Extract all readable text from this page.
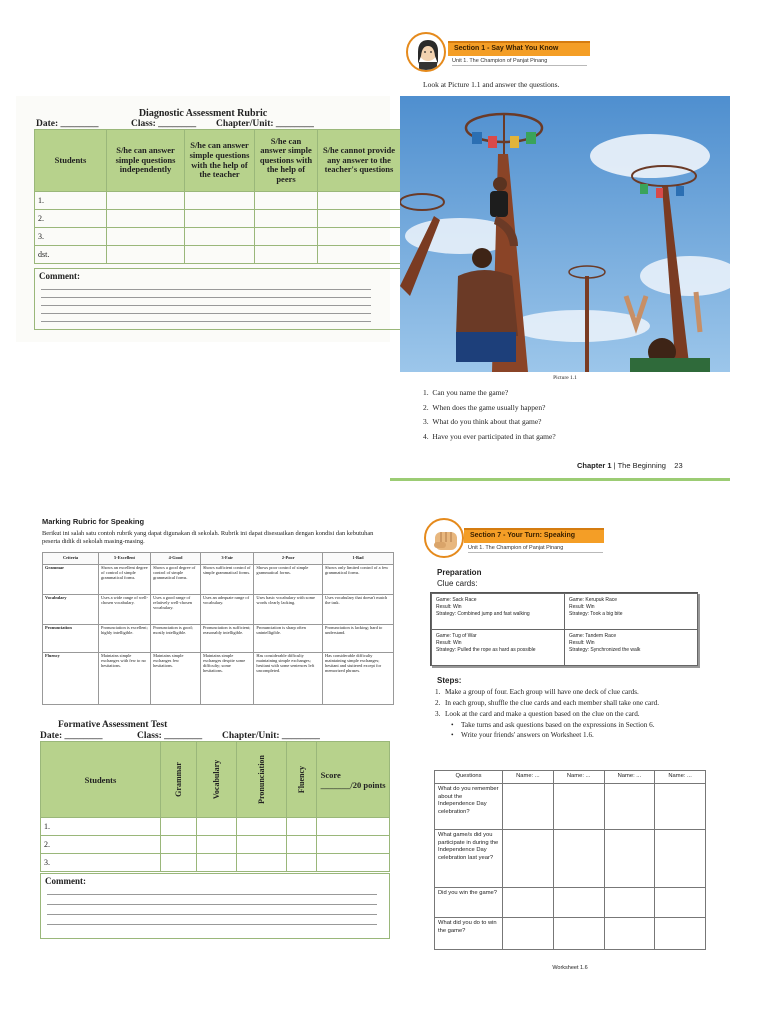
Diagnostic Assessment Rubric
Date: ________	Class: ________ Chapter/Unit: ________
Students	S/he can answer simple questions independently	S/he can answer simple questions with the help of the teacher	S/he can answer simple questions with the help of peers	S/he cannot provide any answer to the teacher's questions
1.				
2.				
3.				
dst.				
Comment:
Section 1 - Say What You Know
Unit 1. The Champion of Panjat Pinang
Look at Picture 1.1 and answer the questions.
Picture 1.1
1.  Can you name the game?
2.  When does the game usually happen?
3.  What do you think about that game?
4.  Have you ever participated in that game?
Chapter 1 | The Beginning 23
Marking Rubric for Speaking
Berikut ini salah satu contoh rubrik yang dapat digunakan di sekolah. Rubrik ini dapat disesuaikan dengan kondisi dan kebutuhan peserta didik di sekolah masing-masing.
Criteria	5-Excellent	4-Good	3-Fair	2-Poor	1-Bad
Grammar	Shows an excellent degree of control of simple grammatical forms.	Shows a good degree of control of simple grammatical forms.	Shows sufficient control of simple grammatical forms.	Shows poor control of simple grammatical forms.	Shows only limited control of a few grammatical forms.
Vocabulary	Uses a wide range of well-chosen vocabulary.	Uses a good range of relatively well-chosen vocabulary.	Uses an adequate range of vocabulary.	Uses basic vocabulary with some words clearly lacking.	Uses vocabulary that doesn't match the task.
Pronunciation	Pronunciation is excellent; highly intelligible.	Pronunciation is good; mostly intelligible.	Pronunciation is sufficient; reasonably intelligible.	Pronunciation is sharp often unintelligible.	Pronunciation is lacking; hard to understand.
Fluency	Maintains simple exchanges with few to no hesitations.	Maintains simple exchanges few hesitations.	Maintains simple exchanges despite some difficulty; some hesitations.	Has considerable difficulty maintaining simple exchanges; hesitant with some sentences left uncompleted.	Has considerable difficulty maintaining simple exchanges; hesitant and stuttered except for memorized phrases.
Formative Assessment Test
Date: ________	Class: ________ Chapter/Unit: ________
Students	Grammar	Vocabulary	Pronunciation	Fluency	Score
_______/20 points
1.					
2.					
3.					
Comment:
Section 7 - Your Turn: Speaking
Unit 1. The Champion of Panjat Pinang
Preparation
Clue cards:
Game: Sack Race
Result: Win
Strategy: Combined jump and fast walking
Game: Kerupuk Race
Result: Win
Strategy: Took a big bite
Game: Tug of War
Result: Win
Strategy: Pulled the rope as hard as possible
Game: Tandem Race
Result: Win
Strategy: Synchronized the walk
Steps:
1. Make a group of four. Each group will have one deck of clue cards.
2. In each group, shuffle the clue cards and each member shall take one card.
3. Look at the card and make a question based on the clue on the card.
• Take turns and ask questions based on the expressions in Section 6.
• Write your friends' answers on Worksheet 1.6.
Questions	Name: ...	Name: ...	Name: ...	Name: ...
What do you remember about the Independence Day celebration?				
What game/s did you participate in during the Independence Day celebration last year?				
Did you win the game?				
What did you do to win the game?				
Worksheet 1.6
